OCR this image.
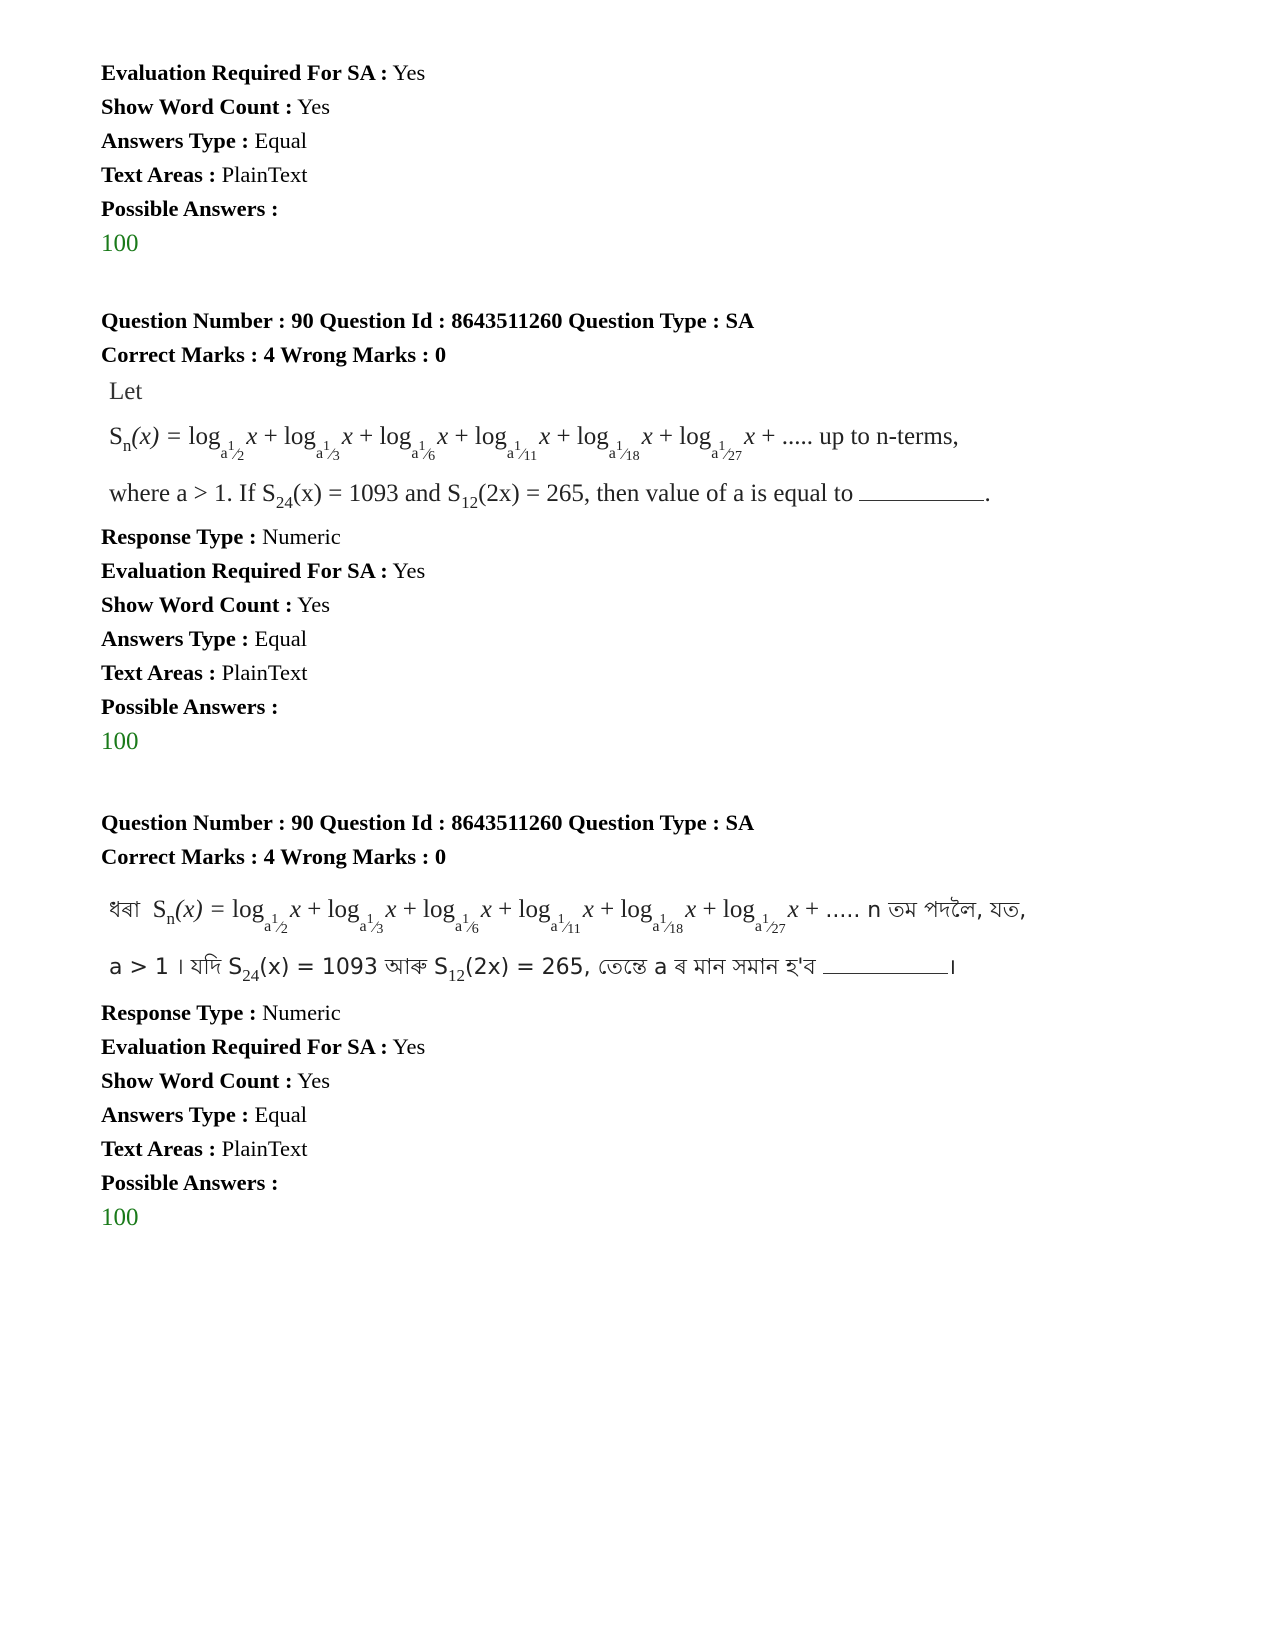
Evaluation Required For SA : Yes
Show Word Count : Yes
Answers Type : Equal
Text Areas : PlainText
Possible Answers :
100
Question Number : 90 Question Id : 8643511260 Question Type : SA
Correct Marks : 4 Wrong Marks : 0
Let
$S_n(x)$ = loga1⁄2x + loga1⁄3x + loga1⁄6x + loga1⁄11x + loga1⁄18x + loga1⁄27x + ..... up to n-terms,
where a > 1. If $S_{24}(x) = 1093$ and $S_{12}(2x) = 265$, then value of a is equal to	.
Response Type : Numeric
Evaluation Required For SA : Yes
Show Word Count : Yes
Answers Type : Equal
Text Areas : PlainText
Possible Answers :
100
Question Number : 90 Question Id : 8643511260 Question Type : SA
Correct Marks : 4 Wrong Marks : 0
ধৰা $S_n(x)$ = loga1⁄2x + loga1⁄3x + loga1⁄6x + loga1⁄11x + loga1⁄18x + loga1⁄27x + ..... n তম পদলৈ, যত,
a > 1 । যদি $S_{24}(x) = 1093$ আৰু $S_{12}(2x) = 265$, তেন্তে a ৰ মান সমান হ'ব	।
Response Type : Numeric
Evaluation Required For SA : Yes
Show Word Count : Yes
Answers Type : Equal
Text Areas : PlainText
Possible Answers :
100
